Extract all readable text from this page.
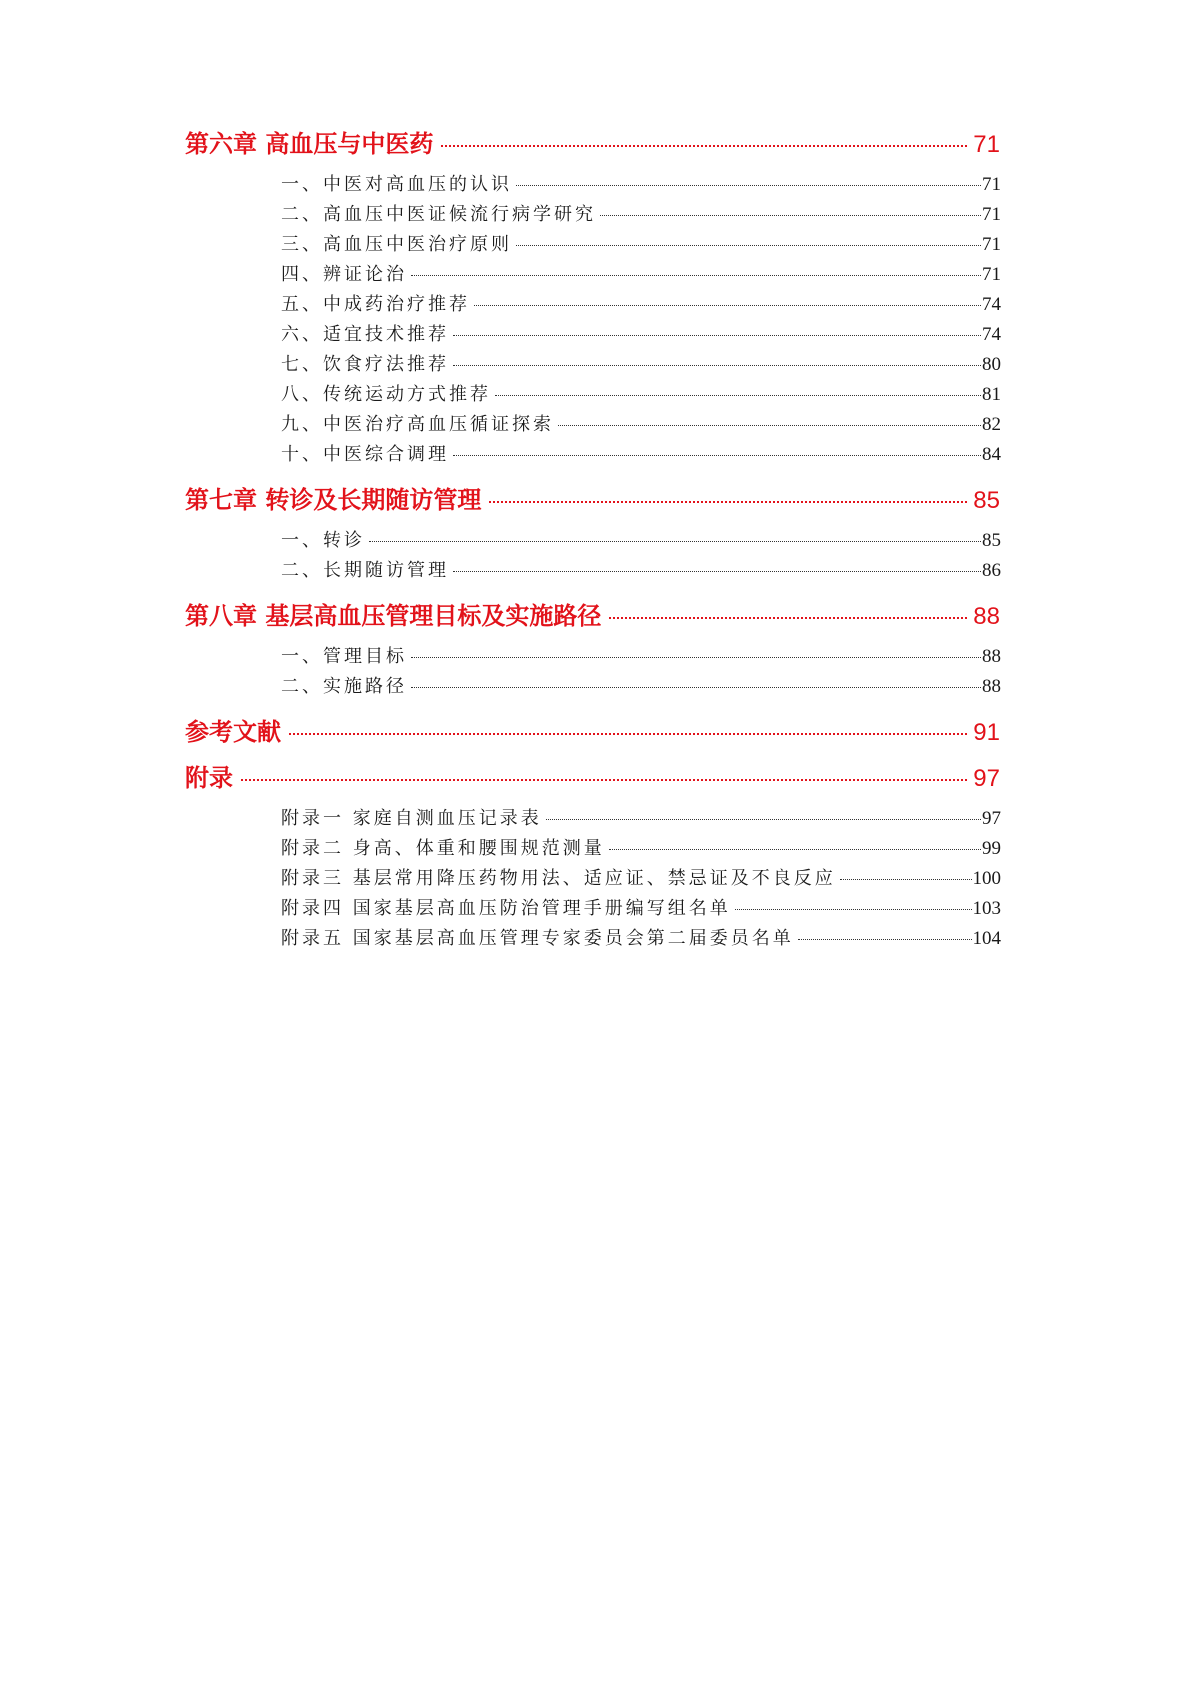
第六章 高血压与中医药	71
一、中医对高血压的认识	71
二、高血压中医证候流行病学研究	71
三、高血压中医治疗原则	71
四、辨证论治	71
五、中成药治疗推荐	74
六、适宜技术推荐	74
七、饮食疗法推荐	80
八、传统运动方式推荐	81
九、中医治疗高血压循证探索	82
十、中医综合调理	84
第七章 转诊及长期随访管理	85
一、转诊	85
二、长期随访管理	86
第八章 基层高血压管理目标及实施路径	88
一、管理目标	88
二、实施路径	88
参考文献	91
附录	97
附录一 家庭自测血压记录表	97
附录二 身高、体重和腰围规范测量	99
附录三 基层常用降压药物用法、适应证、禁忌证及不良反应	100
附录四 国家基层高血压防治管理手册编写组名单	103
附录五 国家基层高血压管理专家委员会第二届委员名单	104
